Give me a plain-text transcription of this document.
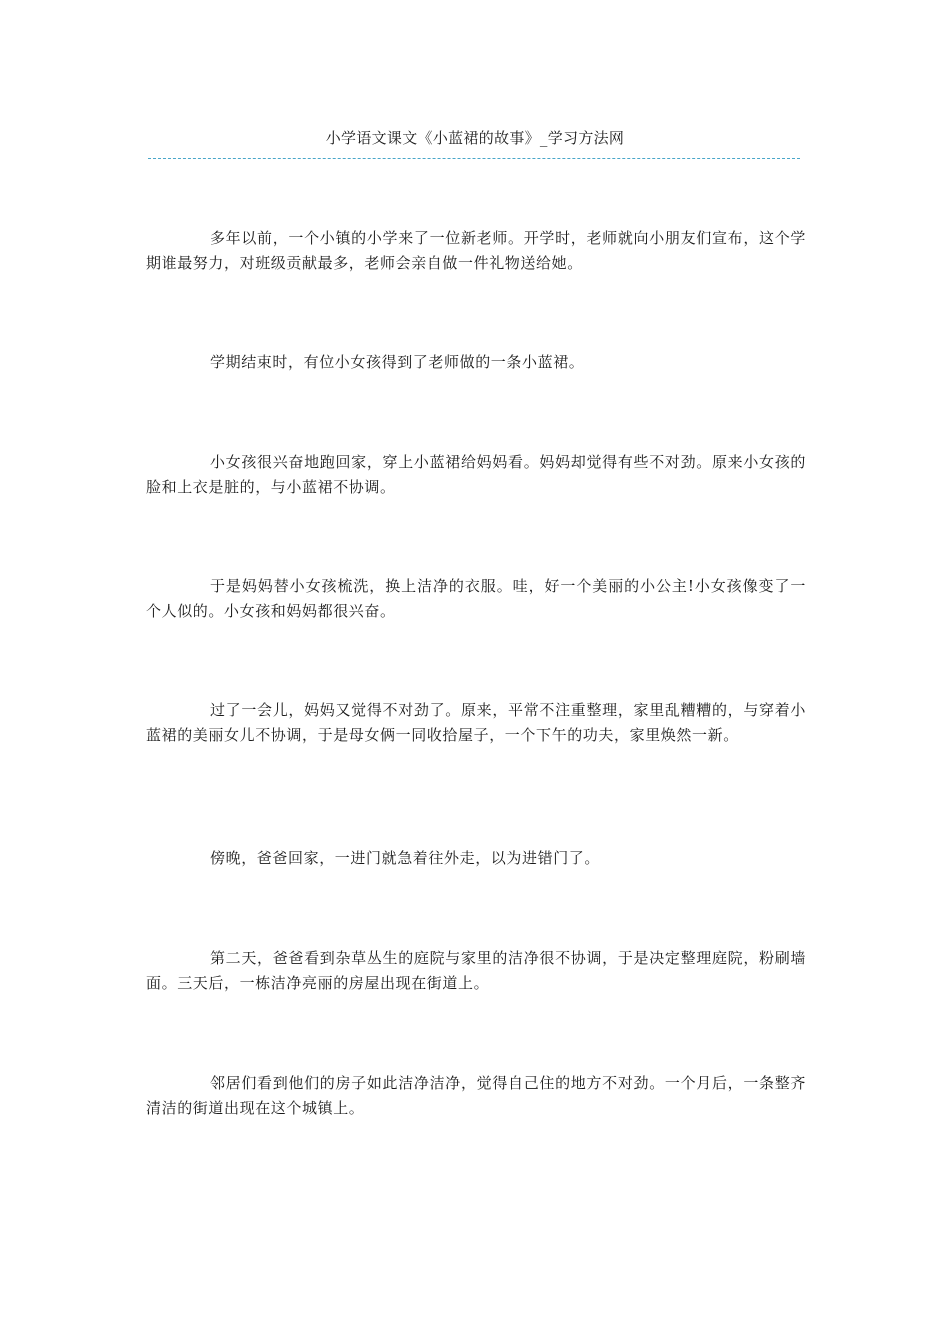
小学语文课文《小蓝裙的故事》_学习方法网

多年以前，一个小镇的小学来了一位新老师。开学时，老师就向小朋友们宣布，这个学期谁最努力，对班级贡献最多，老师会亲自做一件礼物送给她。

学期结束时，有位小女孩得到了老师做的一条小蓝裙。

小女孩很兴奋地跑回家，穿上小蓝裙给妈妈看。妈妈却觉得有些不对劲。原来小女孩的脸和上衣是脏的，与小蓝裙不协调。

于是妈妈替小女孩梳洗，换上洁净的衣服。哇，好一个美丽的小公主!小女孩像变了一个人似的。小女孩和妈妈都很兴奋。

过了一会儿，妈妈又觉得不对劲了。原来，平常不注重整理，家里乱糟糟的，与穿着小蓝裙的美丽女儿不协调，于是母女俩一同收拾屋子，一个下午的功夫，家里焕然一新。

傍晚，爸爸回家，一进门就急着往外走，以为进错门了。

第二天，爸爸看到杂草丛生的庭院与家里的洁净很不协调，于是决定整理庭院，粉刷墙面。三天后，一栋洁净亮丽的房屋出现在街道上。

邻居们看到他们的房子如此洁净洁净，觉得自己住的地方不对劲。一个月后，一条整齐清洁的街道出现在这个城镇上。
